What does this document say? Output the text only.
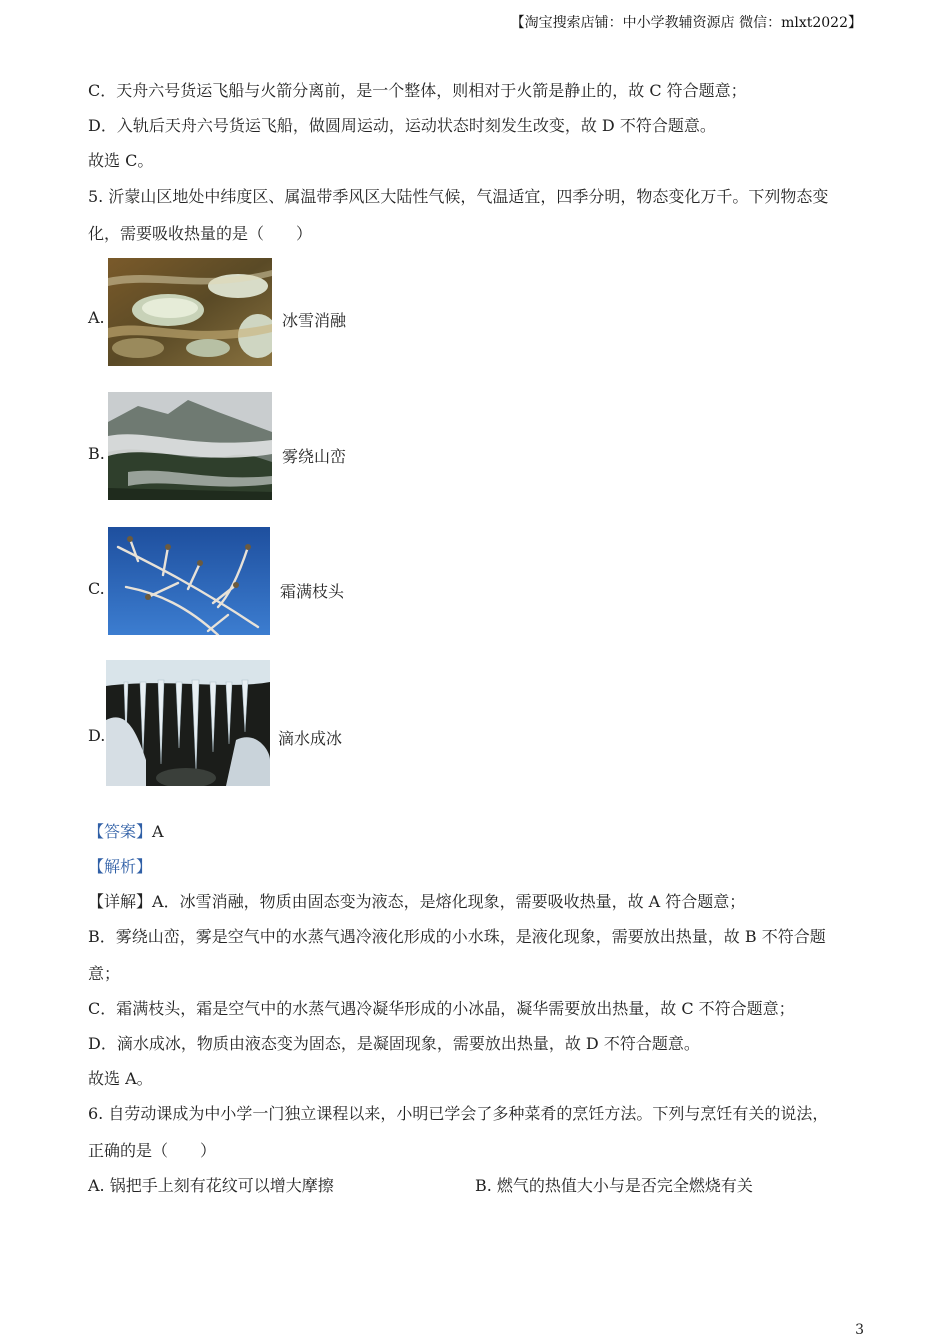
【淘宝搜索店铺：中小学教辅资源店 微信：mlxt2022】
C．天舟六号货运飞船与火箭分离前，是一个整体，则相对于火箭是静止的，故 C 符合题意；
D．入轨后天舟六号货运飞船，做圆周运动，运动状态时刻发生改变，故 D 不符合题意。
故选 C。
5. 沂蒙山区地处中纬度区、属温带季风区大陆性气候，气温适宜，四季分明，物态变化万千。下列物态变
化，需要吸收热量的是（　　）
A.	冰雪消融
B.	雾绕山峦
C.	霜满枝头
D.	滴水成冰
【答案】A
【解析】
【详解】A．冰雪消融，物质由固态变为液态，是熔化现象，需要吸收热量，故 A 符合题意；
B．雾绕山峦，雾是空气中的水蒸气遇冷液化形成的小水珠，是液化现象，需要放出热量，故 B 不符合题
意；
C．霜满枝头，霜是空气中的水蒸气遇冷凝华形成的小冰晶，凝华需要放出热量，故 C 不符合题意；
D．滴水成冰，物质由液态变为固态，是凝固现象，需要放出热量，故 D 不符合题意。
故选 A。
6. 自劳动课成为中小学一门独立课程以来，小明已学会了多种菜肴的烹饪方法。下列与烹饪有关的说法，
正确的是（　　）
A. 锅把手上刻有花纹可以增大摩擦	B. 燃气的热值大小与是否完全燃烧有关
3
